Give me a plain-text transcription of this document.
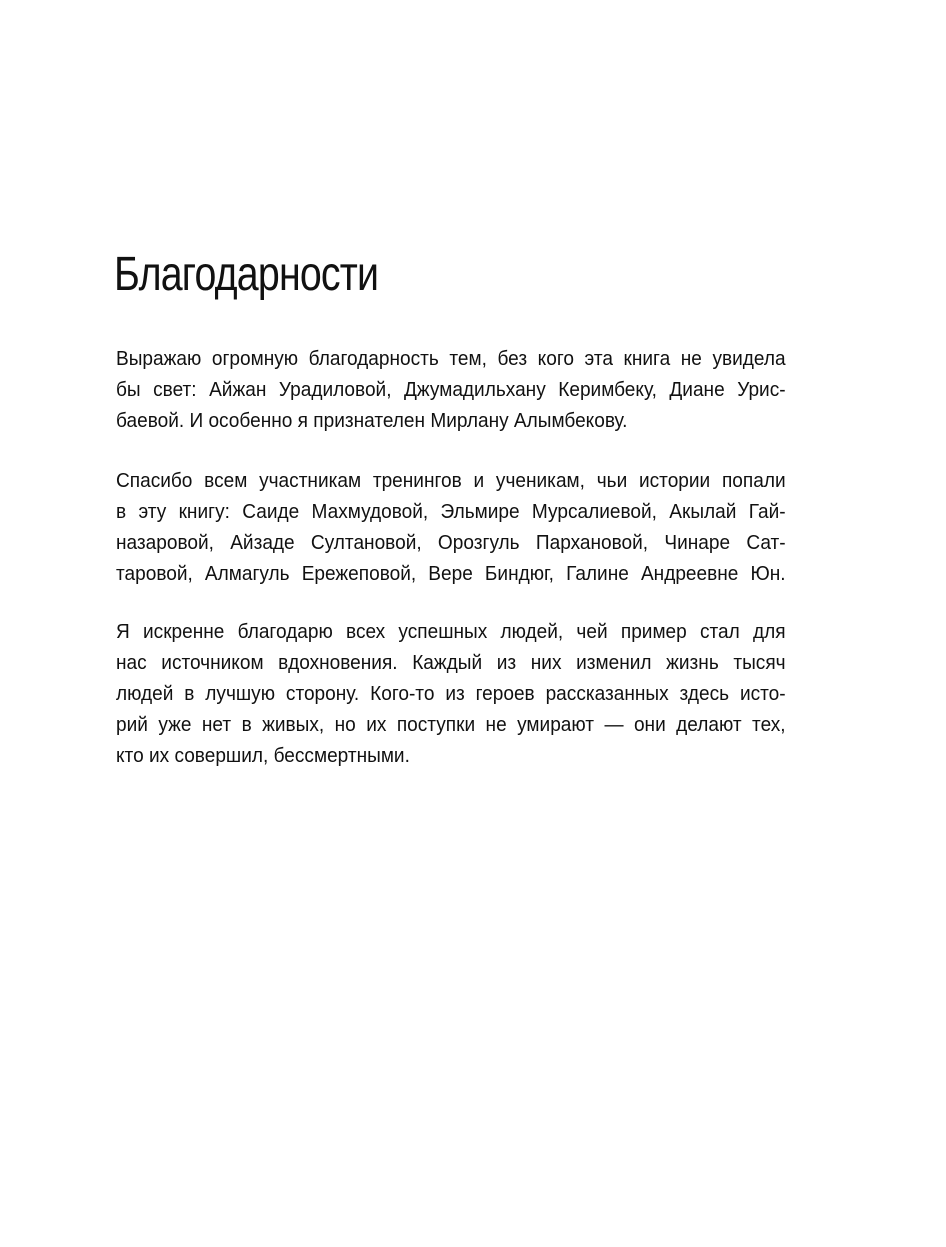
Благодарности

Выражаю огромную благодарность тем, без кого эта книга не увидела
бы свет: Айжан Урадиловой, Джумадильхану Керимбеку, Диане Урис-
баевой. И особенно я признателен Мирлану Алымбекову.

Спасибо всем участникам тренингов и ученикам, чьи истории попали
в эту книгу: Саиде Махмудовой, Эльмире Мурсалиевой, Акылай Гай-
назаровой, Айзаде Султановой, Орозгуль Пархановой, Чинаре Сат-
таровой, Алмагуль Ережеповой, Вере Биндюг, Галине Андреевне Юн.

Я искренне благодарю всех успешных людей, чей пример стал для
нас источником вдохновения. Каждый из них изменил жизнь тысяч
людей в лучшую сторону. Кого-то из героев рассказанных здесь исто-
рий уже нет в живых, но их поступки не умирают — они делают тех,
кто их совершил, бессмертными.
